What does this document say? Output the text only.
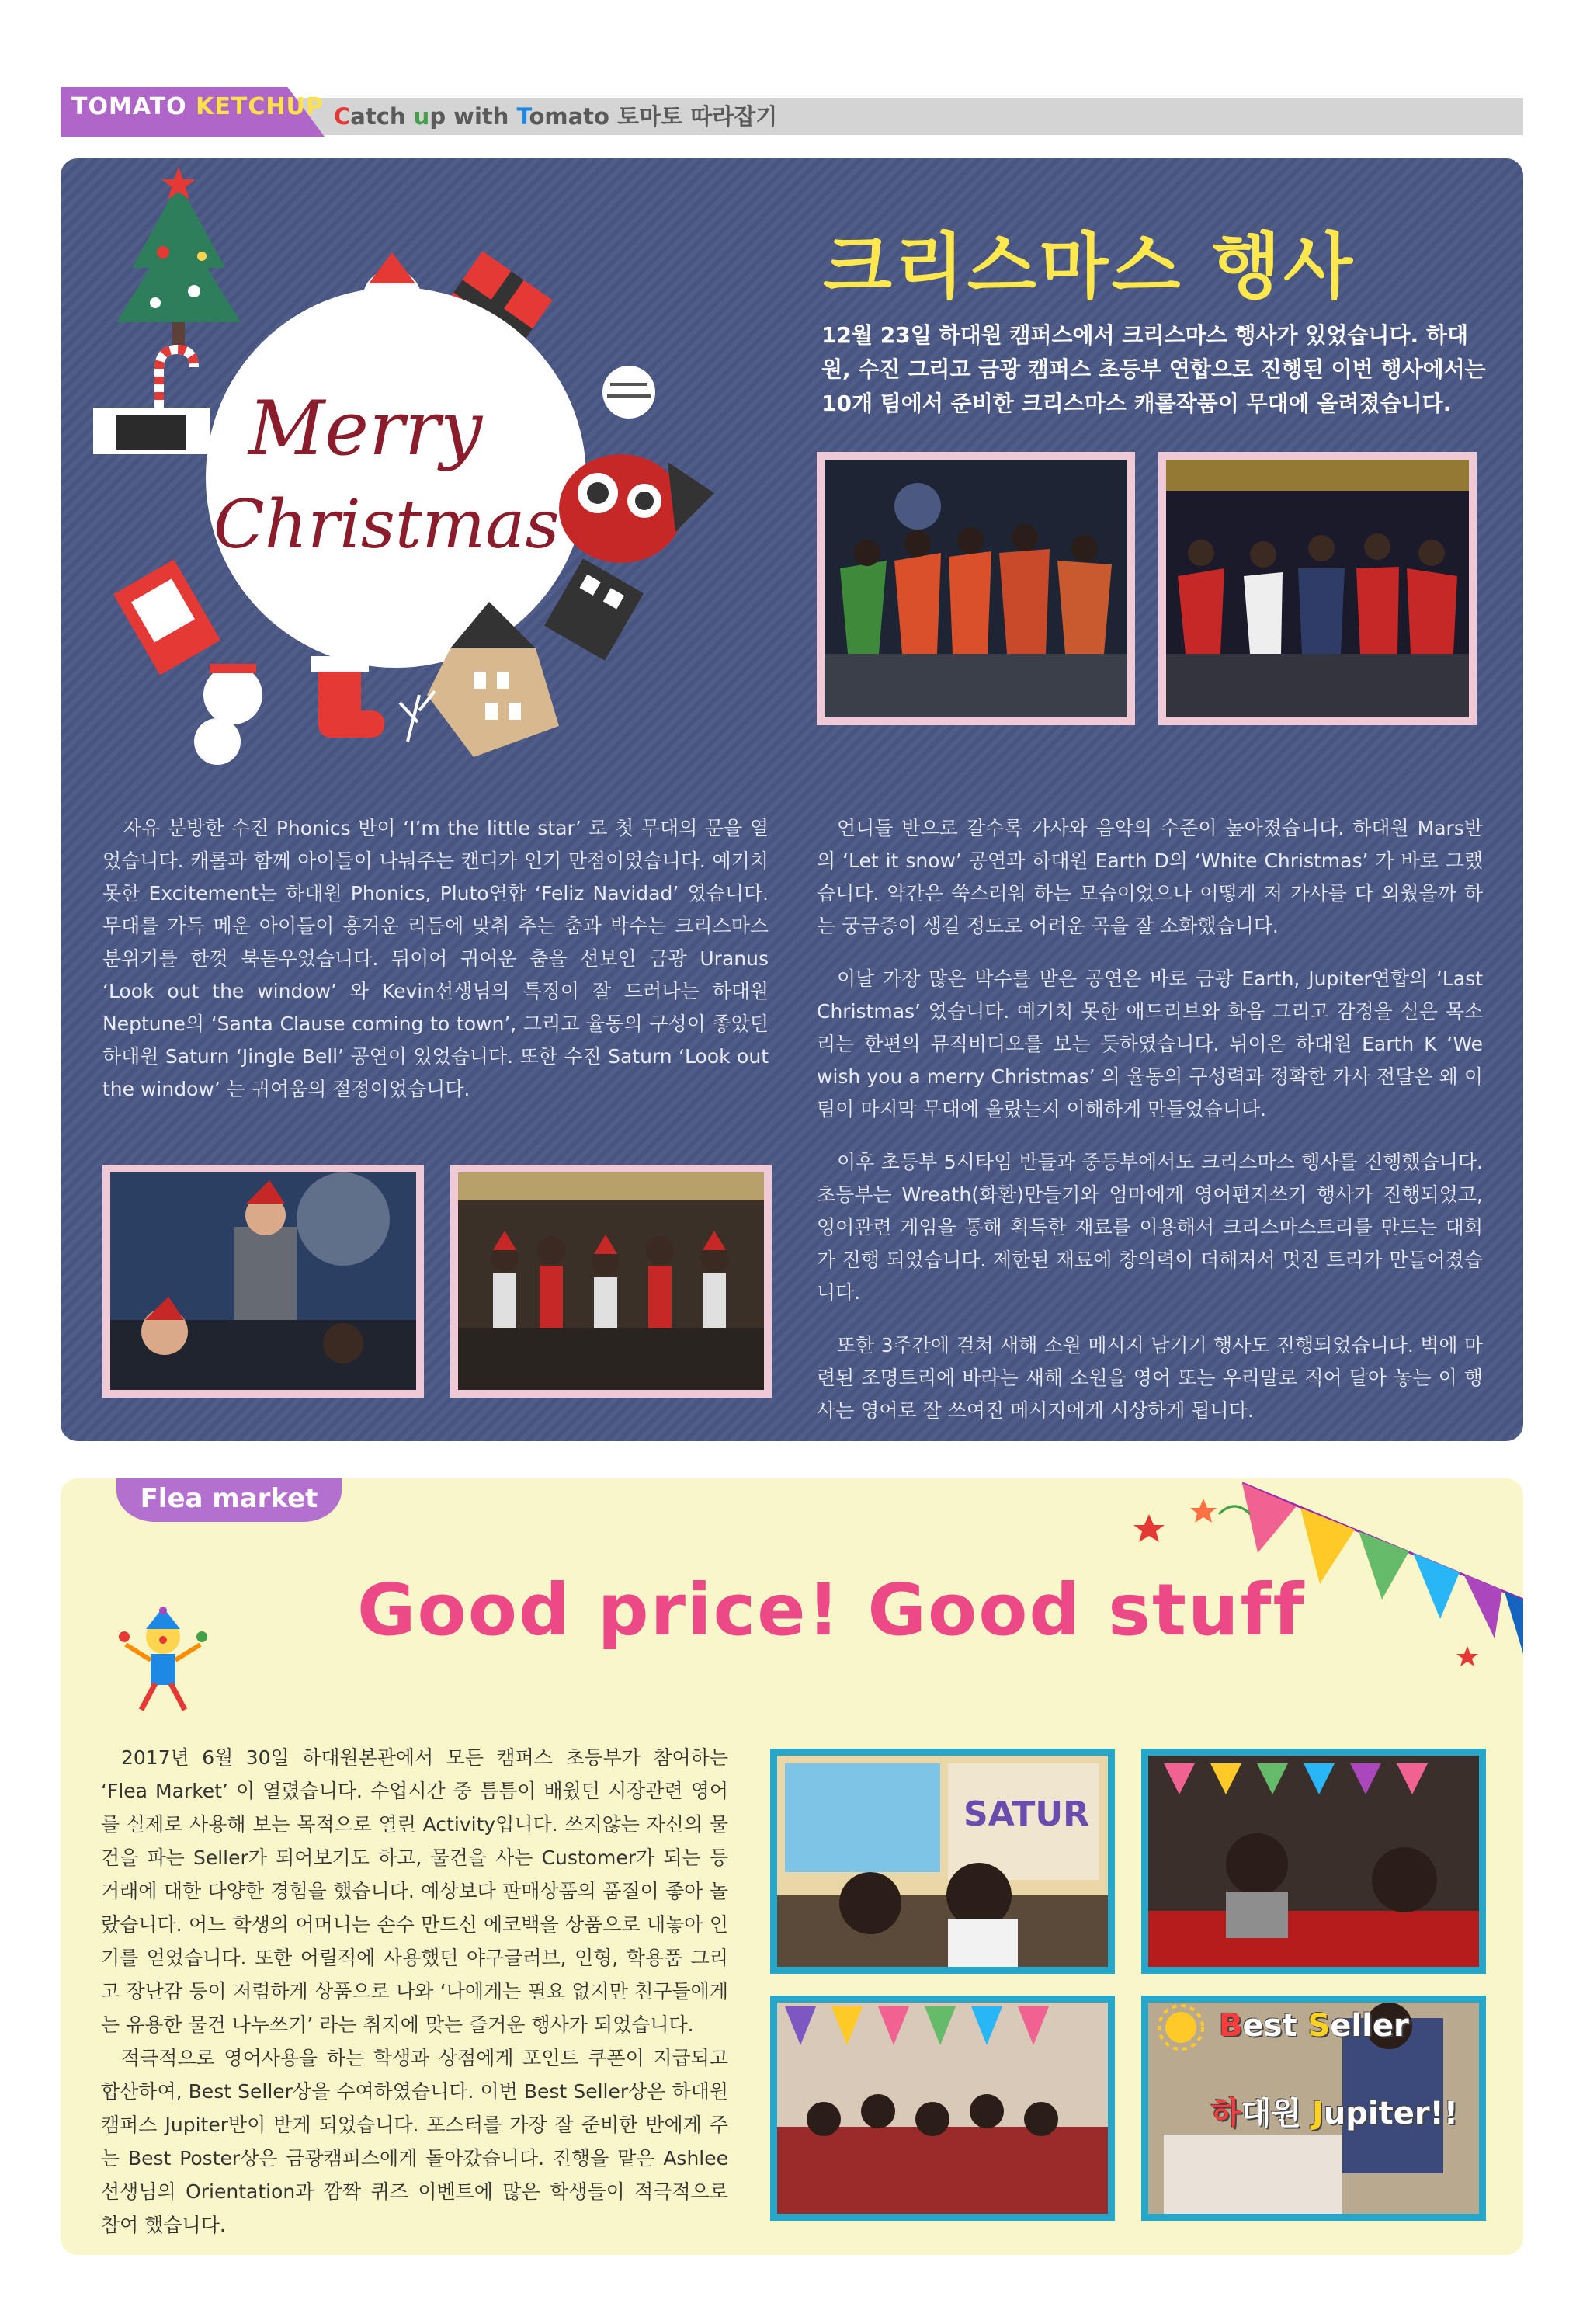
TOMATO KETCHUP Catch up with Tomato 토마토 따라잡기
Merry
Christmas
크리스마스 행사
12월 23일 하대원 캠퍼스에서 크리스마스 행사가 있었습니다. 하대원, 수진 그리고 금광 캠퍼스 초등부 연합으로 진행된 이번 행사에서는 10개 팀에서 준비한 크리스마스 캐롤작품이 무대에 올려졌습니다.

자유 분방한 수진 Phonics 반이 ‘I’m the little star’ 로 첫 무대의 문을 열었습니다. 캐롤과 함께 아이들이 나눠주는 캔디가 인기 만점이었습니다. 예기치 못한 Excitement는 하대원 Phonics, Pluto연합 ‘Feliz Navidad’ 였습니다. 무대를 가득 메운 아이들이 흥겨운 리듬에 맞춰 추는 춤과 박수는 크리스마스 분위기를 한껏 북돋우었습니다. 뒤이어 귀여운 춤을 선보인 금광 Uranus ‘Look out the window’ 와 Kevin선생님의 특징이 잘 드러나는 하대원 Neptune의 ‘Santa Clause coming to town’, 그리고 율동의 구성이 좋았던 하대원 Saturn ‘Jingle Bell’ 공연이 있었습니다. 또한 수진 Saturn ‘Look out the window’ 는 귀여움의 절정이었습니다.

언니들 반으로 갈수록 가사와 음악의 수준이 높아졌습니다. 하대원 Mars반의 ‘Let it snow’ 공연과 하대원 Earth D의 ‘White Christmas’ 가 바로 그랬습니다. 약간은 쑥스러워 하는 모습이었으나 어떻게 저 가사를 다 외웠을까 하는 궁금증이 생길 정도로 어려운 곡을 잘 소화했습니다.

이날 가장 많은 박수를 받은 공연은 바로 금광 Earth, Jupiter연합의 ‘Last Christmas’ 였습니다. 예기치 못한 애드리브와 화음 그리고 감정을 실은 목소리는 한편의 뮤직비디오를 보는 듯하였습니다. 뒤이은 하대원 Earth K ‘We wish you a merry Christmas’ 의 율동의 구성력과 정확한 가사 전달은 왜 이 팀이 마지막 무대에 올랐는지 이해하게 만들었습니다.

이후 초등부 5시타임 반들과 중등부에서도 크리스마스 행사를 진행했습니다. 초등부는 Wreath(화환)만들기와 엄마에게 영어편지쓰기 행사가 진행되었고, 영어관련 게임을 통해 획득한 재료를 이용해서 크리스마스트리를 만드는 대회가 진행 되었습니다. 제한된 재료에 창의력이 더해져서 멋진 트리가 만들어졌습니다.

또한 3주간에 걸쳐 새해 소원 메시지 남기기 행사도 진행되었습니다. 벽에 마련된 조명트리에 바라는 새해 소원을 영어 또는 우리말로 적어 달아 놓는 이 행사는 영어로 잘 쓰여진 메시지에게 시상하게 됩니다.

Flea market
Good price! Good stuff

2017년 6월 30일 하대원본관에서 모든 캠퍼스 초등부가 참여하는 ‘Flea Market’ 이 열렸습니다. 수업시간 중 틈틈이 배웠던 시장관련 영어를 실제로 사용해 보는 목적으로 열린 Activity입니다. 쓰지않는 자신의 물건을 파는 Seller가 되어보기도 하고, 물건을 사는 Customer가 되는 등 거래에 대한 다양한 경험을 했습니다. 예상보다 판매상품의 품질이 좋아 놀랐습니다. 어느 학생의 어머니는 손수 만드신 에코백을 상품으로 내놓아 인기를 얻었습니다. 또한 어릴적에 사용했던 야구글러브, 인형, 학용품 그리고 장난감 등이 저렴하게 상품으로 나와 ‘나에게는 필요 없지만 친구들에게는 유용한 물건 나누쓰기’ 라는 취지에 맞는 즐거운 행사가 되었습니다.

적극적으로 영어사용을 하는 학생과 상점에게 포인트 쿠폰이 지급되고 합산하여, Best Seller상을 수여하였습니다. 이번 Best Seller상은 하대원 캠퍼스 Jupiter반이 받게 되었습니다. 포스터를 가장 잘 준비한 반에게 주는 Best Poster상은 금광캠퍼스에게 돌아갔습니다. 진행을 맡은 Ashlee선생님의 Orientation과 깜짝 퀴즈 이벤트에 많은 학생들이 적극적으로 참여 했습니다.

SATUR
Best Seller
하대원 Jupiter!!
